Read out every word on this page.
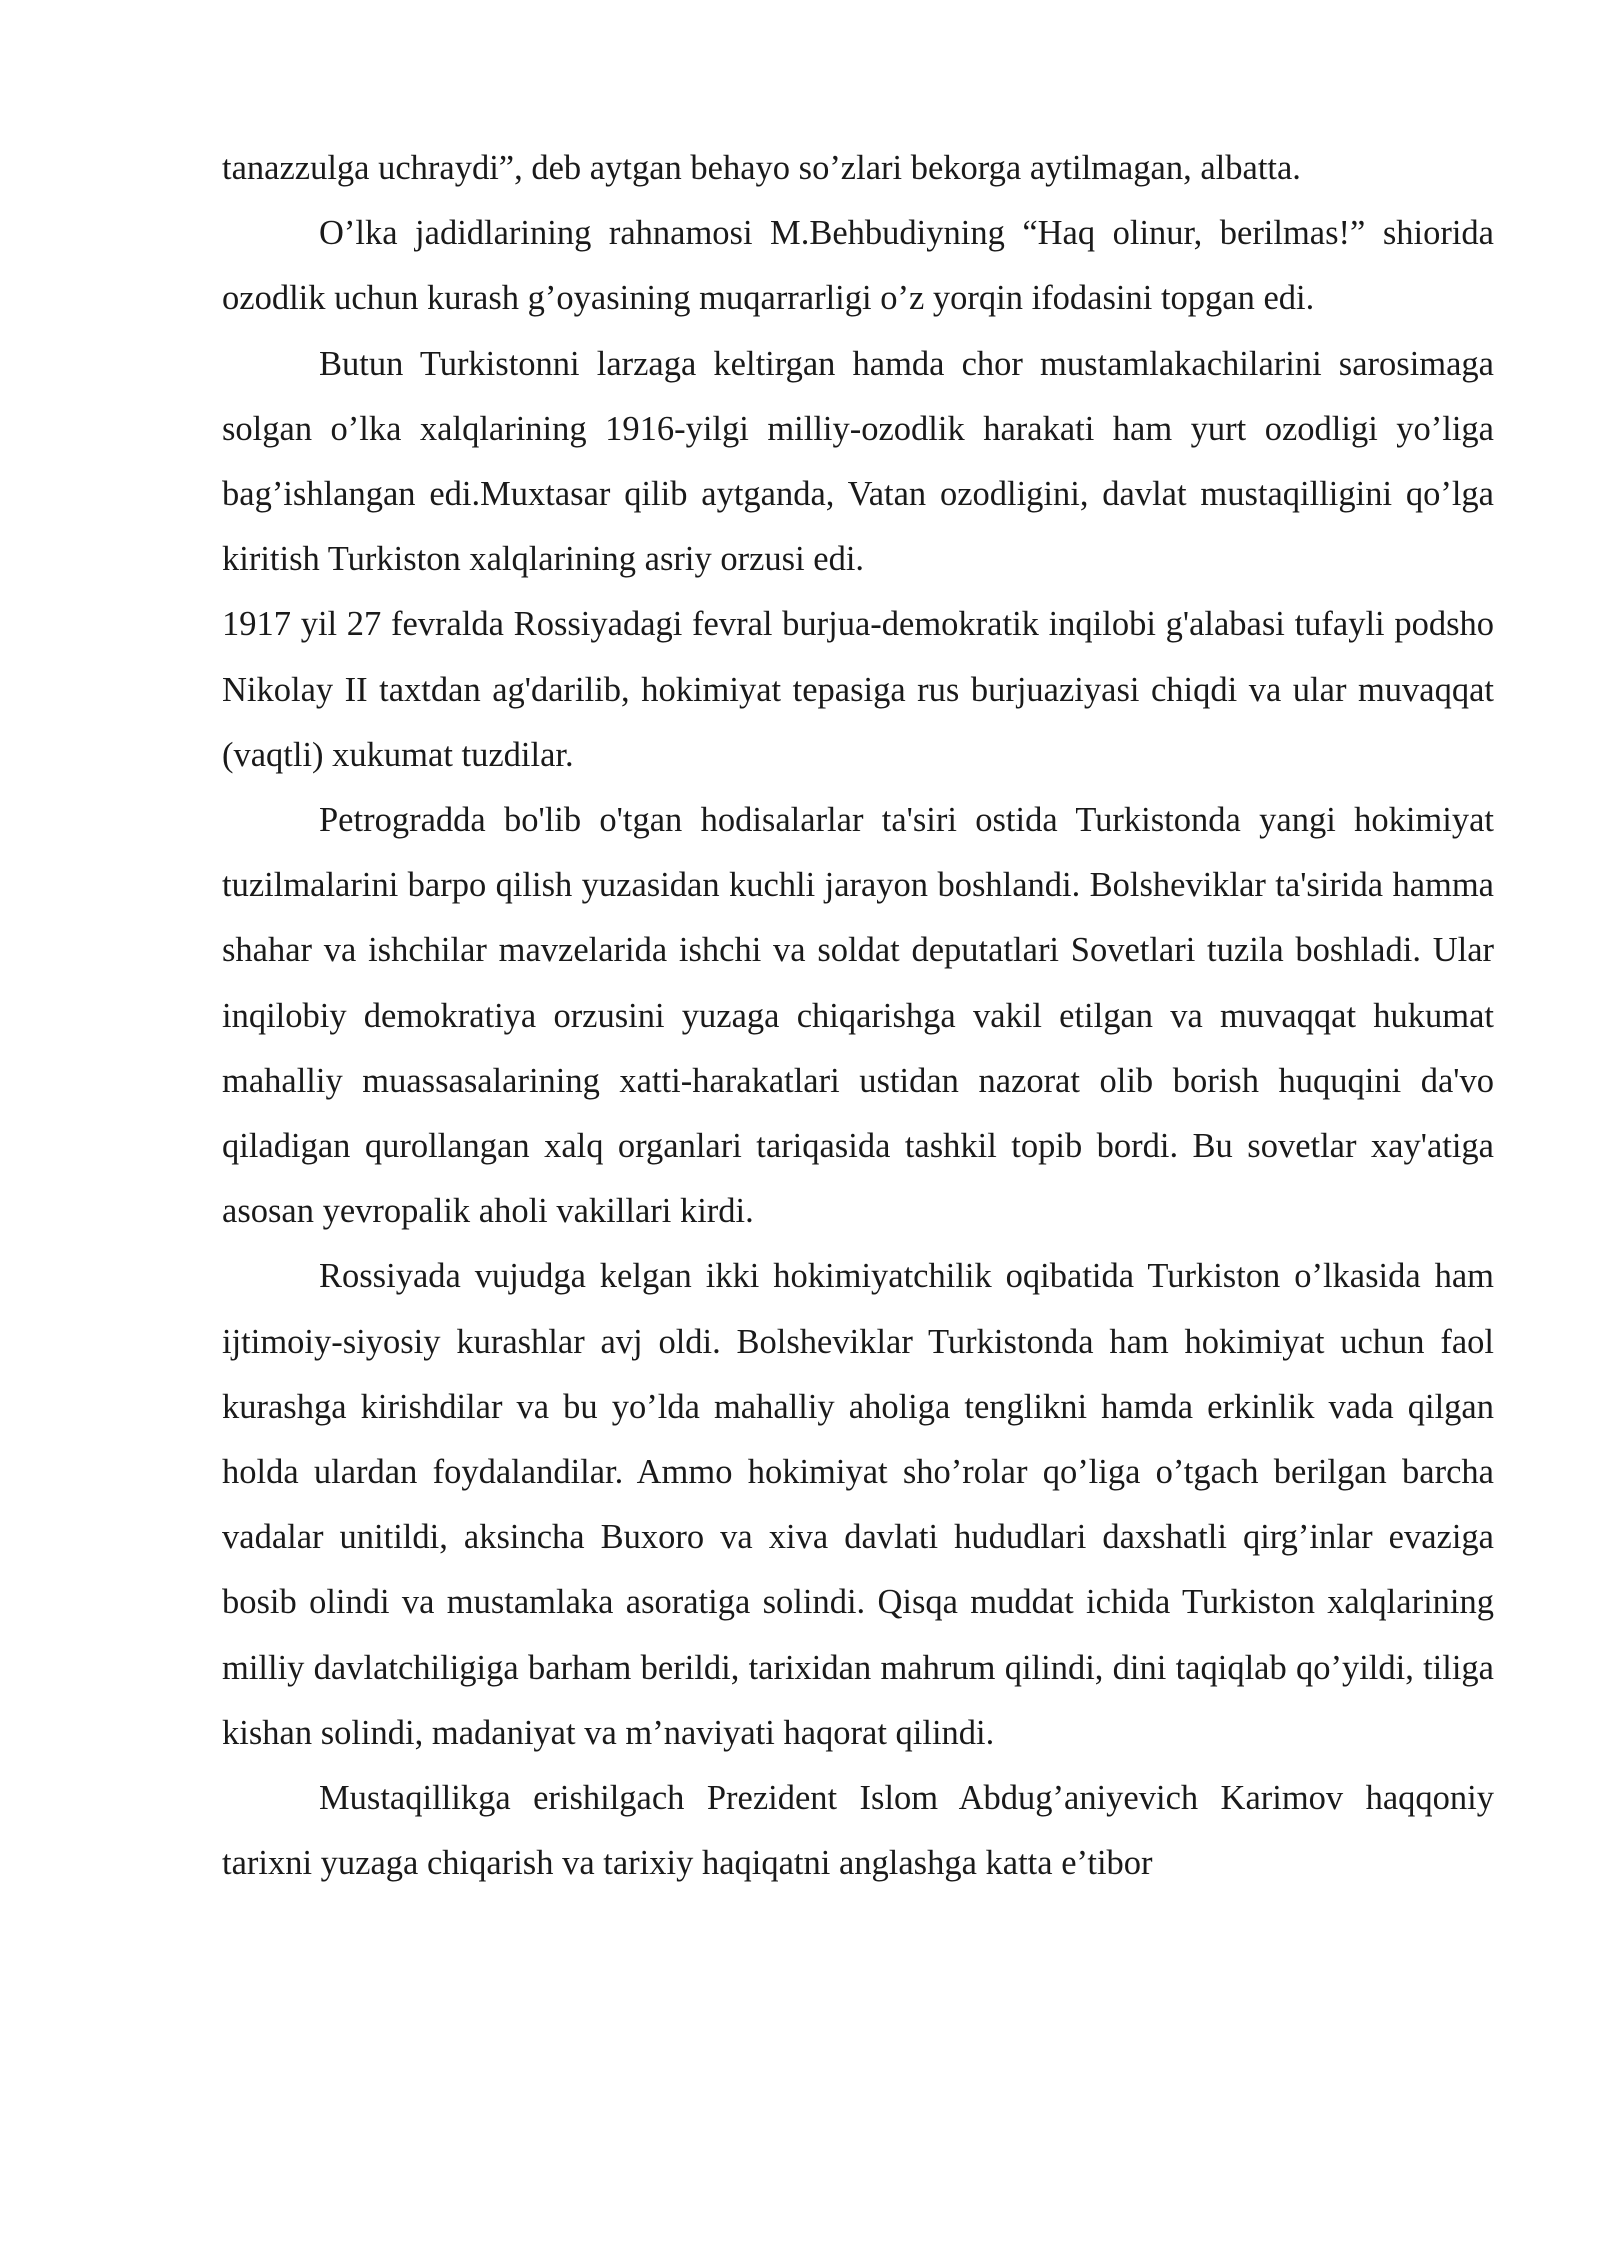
tanazzulga uchraydi”, deb aytgan behayo so’zlari bekorga aytilmagan, albatta.

O’lka jadidlarining rahnamosi M.Behbudiyning “Haq olinur, berilmas!” shiorida ozodlik uchun kurash g’oyasining muqarrarligi o’z yorqin ifodasini topgan edi.

Butun Turkistonni larzaga keltirgan hamda chor mustamlakachilarini sarosimaga solgan o’lka xalqlarining 1916-yilgi milliy-ozodlik harakati ham yurt ozodligi yo’liga bag’ishlangan edi.Muxtasar qilib aytganda, Vatan ozodligini, davlat mustaqilligini qo’lga kiritish Turkiston xalqlarining asriy orzusi edi.

1917 yil 27 fevralda Rossiyadagi fevral burjua-demokratik inqilobi g'alabasi tufayli podsho Nikolay II taxtdan ag'darilib, hokimiyat tepasiga rus burjuaziyasi chiqdi va ular muvaqqat (vaqtli) xukumat tuzdilar.

Petrogradda bo'lib o'tgan hodisalarlar ta'siri ostida Turkistonda yangi hokimiyat tuzilmalarini barpo qilish yuzasidan kuchli jarayon boshlandi. Bolsheviklar ta'sirida hamma shahar va ishchilar mavzelarida ishchi va soldat deputatlari Sovetlari tuzila boshladi. Ular inqilobiy demokratiya orzusini yuzaga chiqarishga vakil etilgan va muvaqqat hukumat mahalliy muassasalarining xatti-harakatlari ustidan nazorat olib borish huquqini da'vo qiladigan qurollangan xalq organlari tariqasida tashkil topib bordi. Bu sovetlar xay'atiga asosan yevropalik aholi vakillari kirdi.

Rossiyada vujudga kelgan ikki hokimiyatchilik oqibatida Turkiston o’lkasida ham ijtimoiy-siyosiy kurashlar avj oldi. Bolsheviklar Turkistonda ham hokimiyat uchun faol kurashga kirishdilar va bu yo’lda mahalliy aholiga tenglikni hamda erkinlik vada qilgan holda ulardan foydalandilar. Ammo hokimiyat sho’rolar qo’liga o’tgach berilgan barcha vadalar unitildi, aksincha Buxoro va xiva davlati hududlari daxshatli qirg’inlar evaziga bosib olindi va mustamlaka asoratiga solindi. Qisqa muddat ichida Turkiston xalqlarining milliy davlatchiligiga barham berildi, tarixidan mahrum qilindi, dini taqiqlab qo’yildi, tiliga kishan solindi, madaniyat va m’naviyati haqorat qilindi.

Mustaqillikga erishilgach Prezident Islom Abdug’aniyevich Karimov haqqoniy tarixni yuzaga chiqarish va tarixiy haqiqatni anglashga katta e’tibor
